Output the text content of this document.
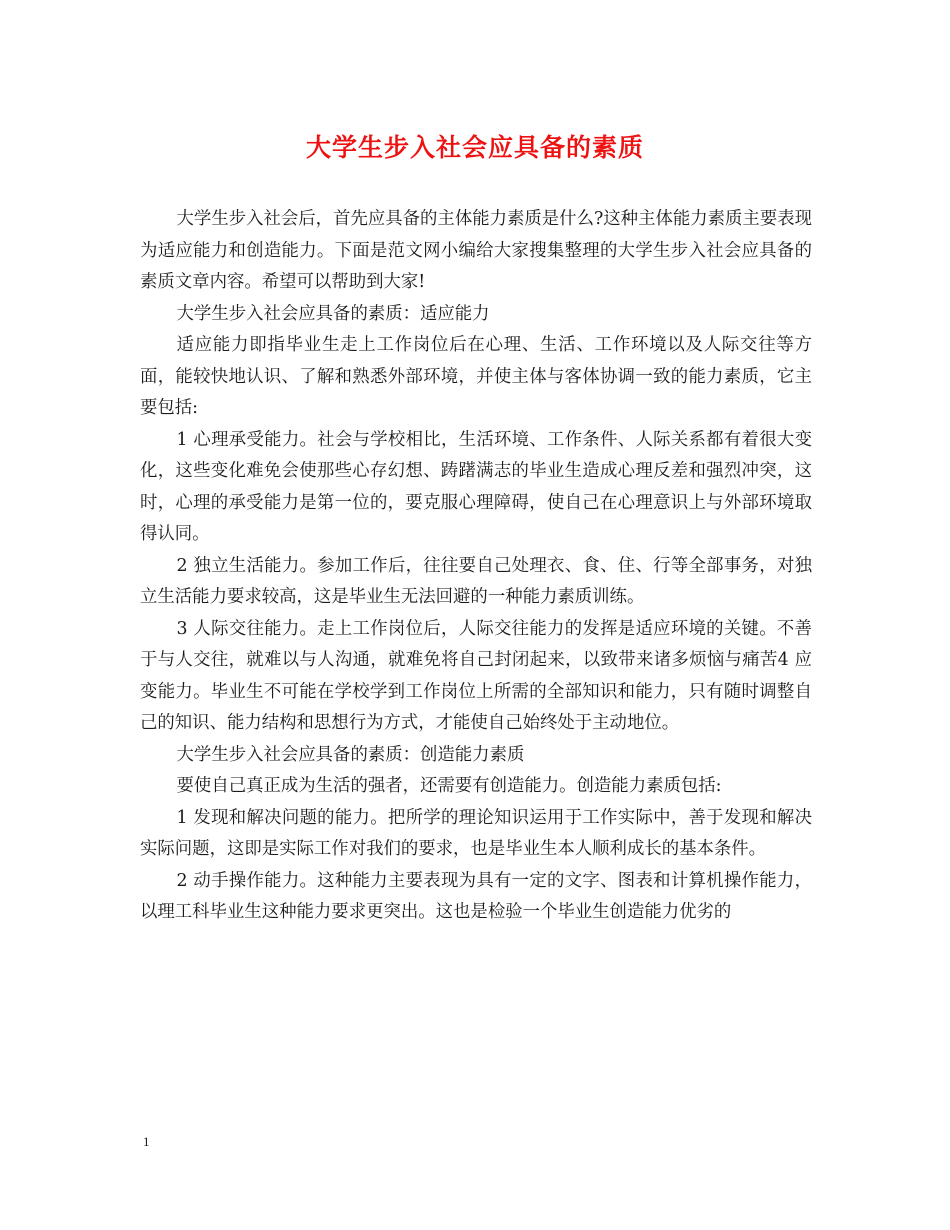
大学生步入社会应具备的素质

大学生步入社会后，首先应具备的主体能力素质是什么?这种主体能力素质主要表现为适应能力和创造能力。下面是范文网小编给大家搜集整理的大学生步入社会应具备的素质文章内容。希望可以帮助到大家!

大学生步入社会应具备的素质：适应能力

适应能力即指毕业生走上工作岗位后在心理、生活、工作环境以及人际交往等方面，能较快地认识、了解和熟悉外部环境，并使主体与客体协调一致的能力素质，它主要包括:

1 心理承受能力。社会与学校相比，生活环境、工作条件、人际关系都有着很大变化，这些变化难免会使那些心存幻想、踌躇满志的毕业生造成心理反差和强烈冲突，这时，心理的承受能力是第一位的，要克服心理障碍，使自己在心理意识上与外部环境取得认同。

2 独立生活能力。参加工作后，往往要自己处理衣、食、住、行等全部事务，对独立生活能力要求较高，这是毕业生无法回避的一种能力素质训练。

3 人际交往能力。走上工作岗位后，人际交往能力的发挥是适应环境的关键。不善于与人交往，就难以与人沟通，就难免将自己封闭起来，以致带来诸多烦恼与痛苦4 应变能力。毕业生不可能在学校学到工作岗位上所需的全部知识和能力，只有随时调整自己的知识、能力结构和思想行为方式，才能使自己始终处于主动地位。

大学生步入社会应具备的素质：创造能力素质

要使自己真正成为生活的强者，还需要有创造能力。创造能力素质包括:

1 发现和解决问题的能力。把所学的理论知识运用于工作实际中，善于发现和解决实际问题，这即是实际工作对我们的要求，也是毕业生本人顺利成长的基本条件。

2 动手操作能力。这种能力主要表现为具有一定的文字、图表和计算机操作能力，以理工科毕业生这种能力要求更突出。这也是检验一个毕业生创造能力优劣的

1
